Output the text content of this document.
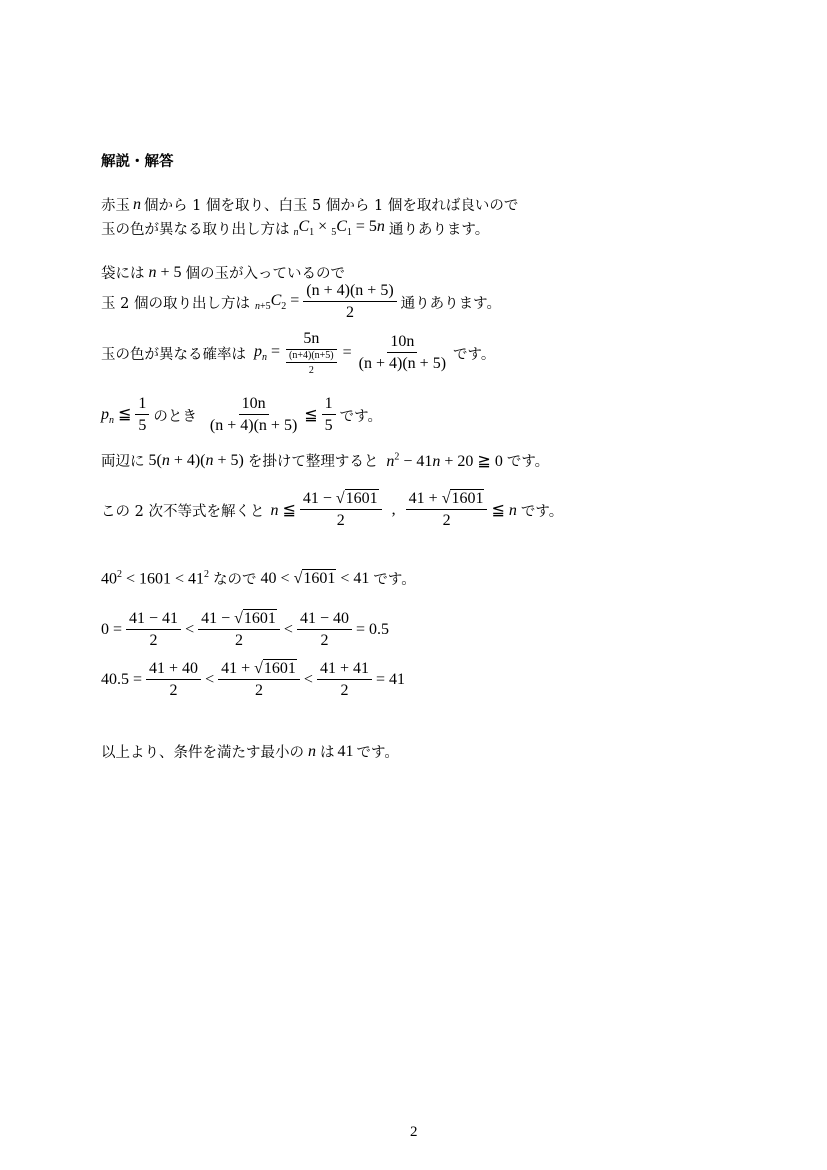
解説・解答
赤玉 n 個から 1 個を取り、白玉 5 個から 1 個を取れば良いので
玉の色が異なる取り出し方は $_nC_1 \times _5C_1 = 5n$ 通りあります。
袋には n + 5 個の玉が入っているので
玉 2 個の取り出し方は $_{n+5}C_2 = \frac{(n + 4)(n + 5)}{2}$ 通りあります。
玉の色が異なる確率は $p_n = \frac{5n}{\frac{(n+4)(n+5)}{2}} = \frac{10n}{(n + 4)(n + 5)}$ です。
$p_n$ ≦ $\frac{1}{5}$ のとき $\frac{10n}{(n + 4)(n + 5)}$ ≦ $\frac{1}{5}$ です。
両辺に 5(n + 4)(n + 5) を掛けて整理すると $n^2 - 41n + 20$ ≧ 0 です。
この 2 次不等式を解くと n ≦ $\frac{41 - √1601}{2}$ , $\frac{41 + √1601}{2}$ ≦ n です。
$40^2 < 1601 < 41^2$ なので 40 < √1601 < 41 です。
$0 = \frac{41 - 41}{2} < \frac{41 - √1601}{2} < \frac{41 - 40}{2} = 0.5$
$40.5 = \frac{41 + 40}{2} < \frac{41 + √1601}{2} < \frac{41 + 41}{2} = 41$
以上より、条件を満たす最小の n は 41 です。
2
